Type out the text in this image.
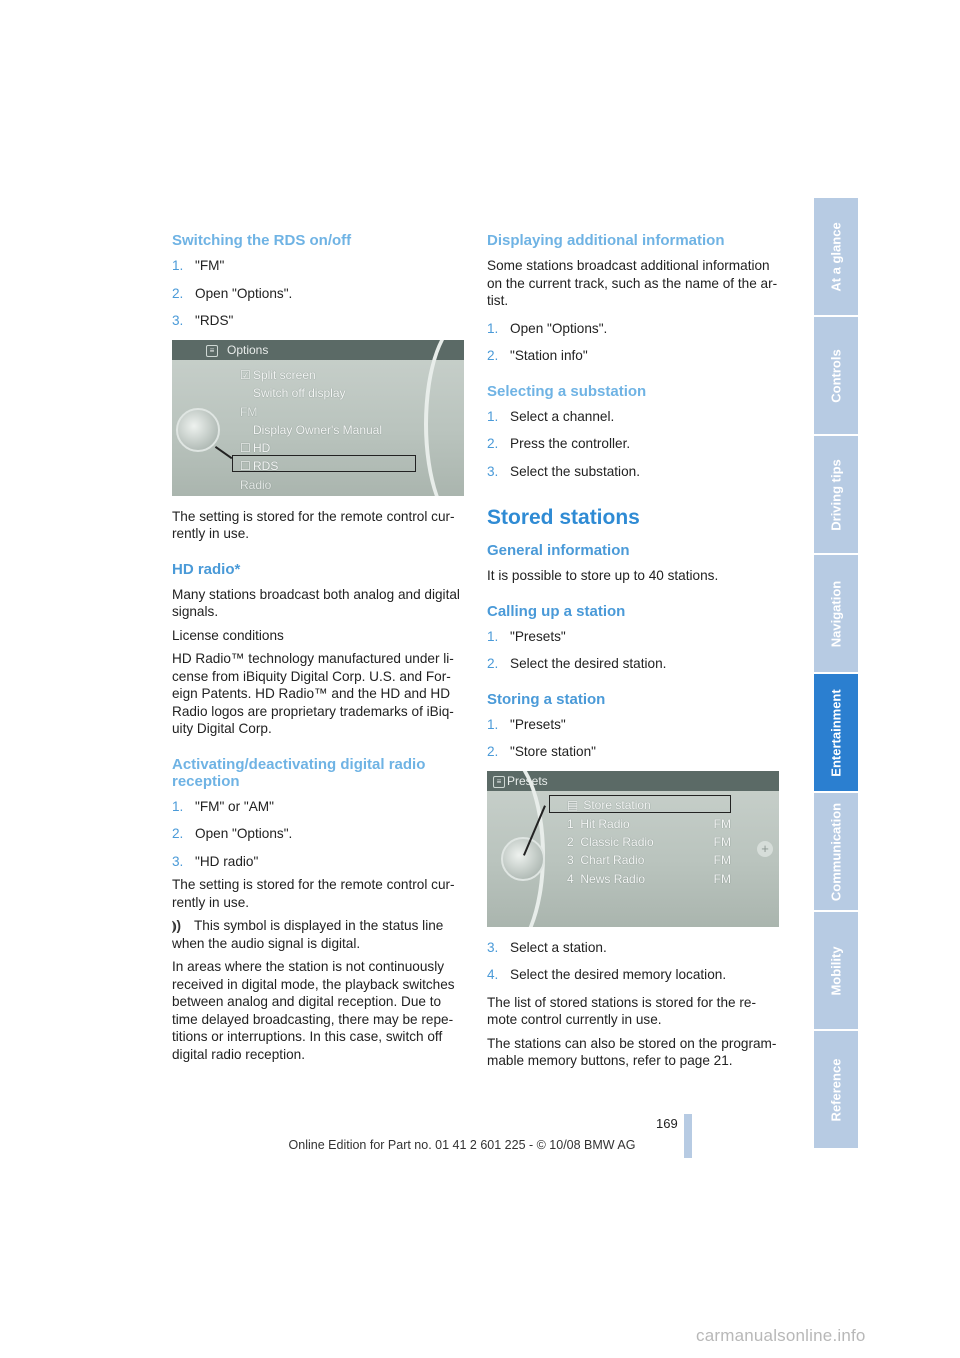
Switching the RDS on/off
1. "FM"
2. Open "Options".
3. "RDS"
≡	Options
☑ Split screen
Switch off display
FM
Display Owner's Manual
☐ HD
☐ RDS
Radio

The setting is stored for the remote control cur-rently in use.

HD radio*

Many stations broadcast both analog and digital signals.

License conditions

HD Radio™ technology manufactured under li-cense from iBiquity Digital Corp. U.S. and For-eign Patents. HD Radio™ and the HD and HD Radio logos are proprietary trademarks of iBiq-uity Digital Corp.

Activating/deactivating digital radio reception
1. "FM" or "AM"
2. Open "Options".
3. "HD radio"

The setting is stored for the remote control cur-rently in use.

⦆) This symbol is displayed in the status line when the audio signal is digital.

In areas where the station is not continuously received in digital mode, the playback switches between analog and digital reception. Due to time delayed broadcasting, there may be repe-titions or interruptions. In this case, switch off digital radio reception.

Displaying additional information

Some stations broadcast additional information on the current track, such as the name of the ar-tist.

1. Open "Options".
2. "Station info"
Selecting a substation
1. Select a channel.
2. Press the controller.
3. Select the substation.
Stored stations
General information

It is possible to store up to 40 stations.

Calling up a station
1. "Presets"
2. Select the desired station.
Storing a station
1. "Presets"
2. "Store station"
≡ Presets
+
▤ Store station
1 Hit Radio	FM
2 Classic Radio	FM
3 Chart Radio	FM
4 News Radio	FM
3. Select a station.
4. Select the desired memory location.

The list of stored stations is stored for the re-mote control currently in use.

The stations can also be stored on the program-mable memory buttons, refer to page 21.

At a glance
Controls
Driving tips
Navigation
Entertainment
Communication
Mobility
Reference
169
Online Edition for Part no. 01 41 2 601 225 - © 10/08 BMW AG
carmanualsonline.info
